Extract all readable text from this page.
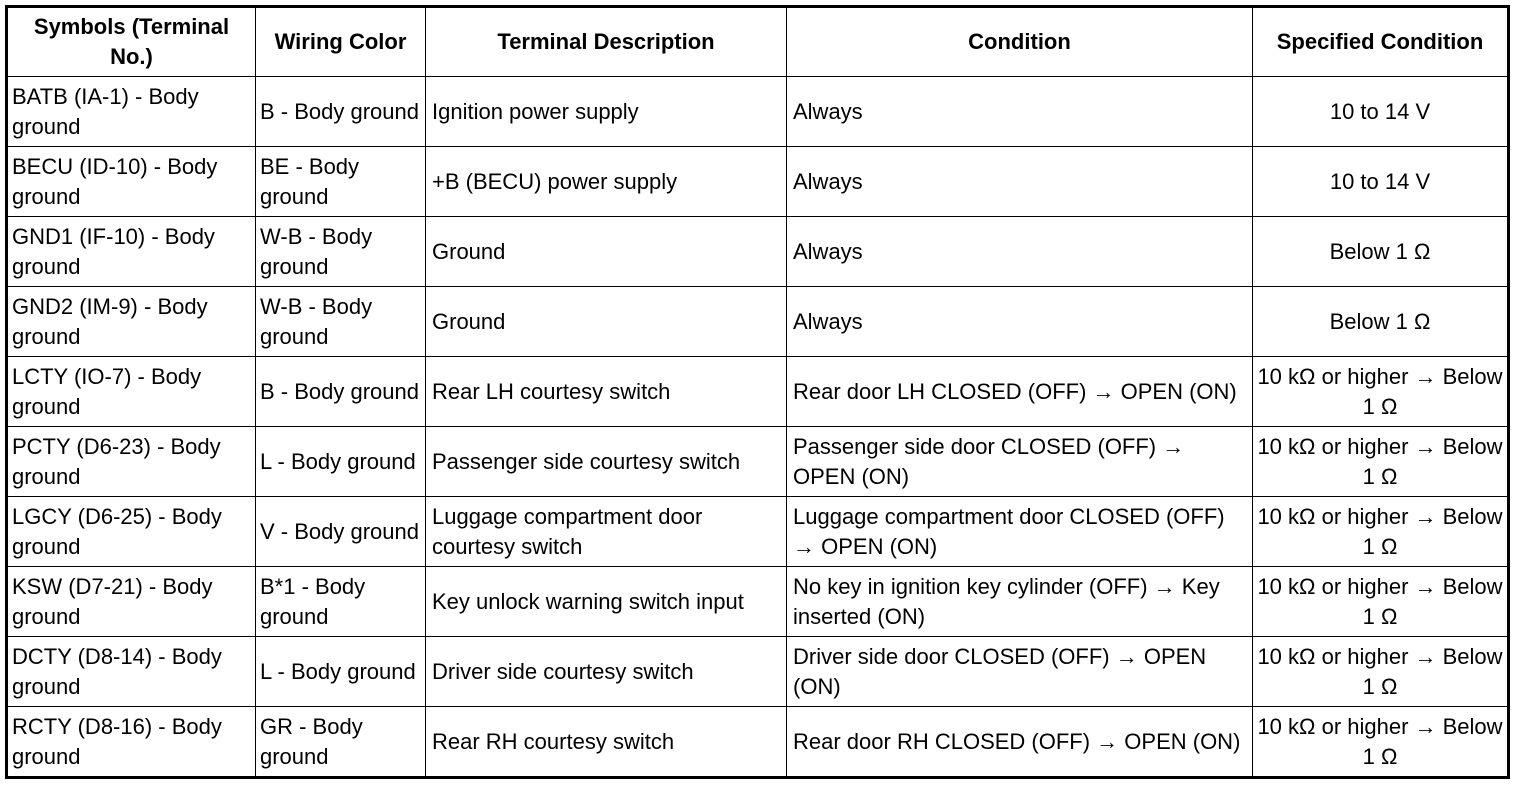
Symbols (Terminal No.)	Wiring Color	Terminal Description	Condition	Specified Condition
BATB (IA-1) - Body ground	B - Body ground	Ignition power supply	Always	10 to 14 V
BECU (ID-10) - Body ground	BE - Body ground	+B (BECU) power supply	Always	10 to 14 V
GND1 (IF-10) - Body ground	W-B - Body ground	Ground	Always	Below 1 Ω
GND2 (IM-9) - Body ground	W-B - Body ground	Ground	Always	Below 1 Ω
LCTY (IO-7) - Body ground	B - Body ground	Rear LH courtesy switch	Rear door LH CLOSED (OFF) → OPEN (ON)	10 kΩ or higher → Below 1 Ω
PCTY (D6-23) - Body ground	L - Body ground	Passenger side courtesy switch	Passenger side door CLOSED (OFF) → OPEN (ON)	10 kΩ or higher → Below 1 Ω
LGCY (D6-25) - Body ground	V - Body ground	Luggage compartment door courtesy switch	Luggage compartment door CLOSED (OFF) → OPEN (ON)	10 kΩ or higher → Below 1 Ω
KSW (D7-21) - Body ground	B*1 - Body ground	Key unlock warning switch input	No key in ignition key cylinder (OFF) → Key inserted (ON)	10 kΩ or higher → Below 1 Ω
DCTY (D8-14) - Body ground	L - Body ground	Driver side courtesy switch	Driver side door CLOSED (OFF) → OPEN (ON)	10 kΩ or higher → Below 1 Ω
RCTY (D8-16) - Body ground	GR - Body ground	Rear RH courtesy switch	Rear door RH CLOSED (OFF) → OPEN (ON)	10 kΩ or higher → Below 1 Ω
